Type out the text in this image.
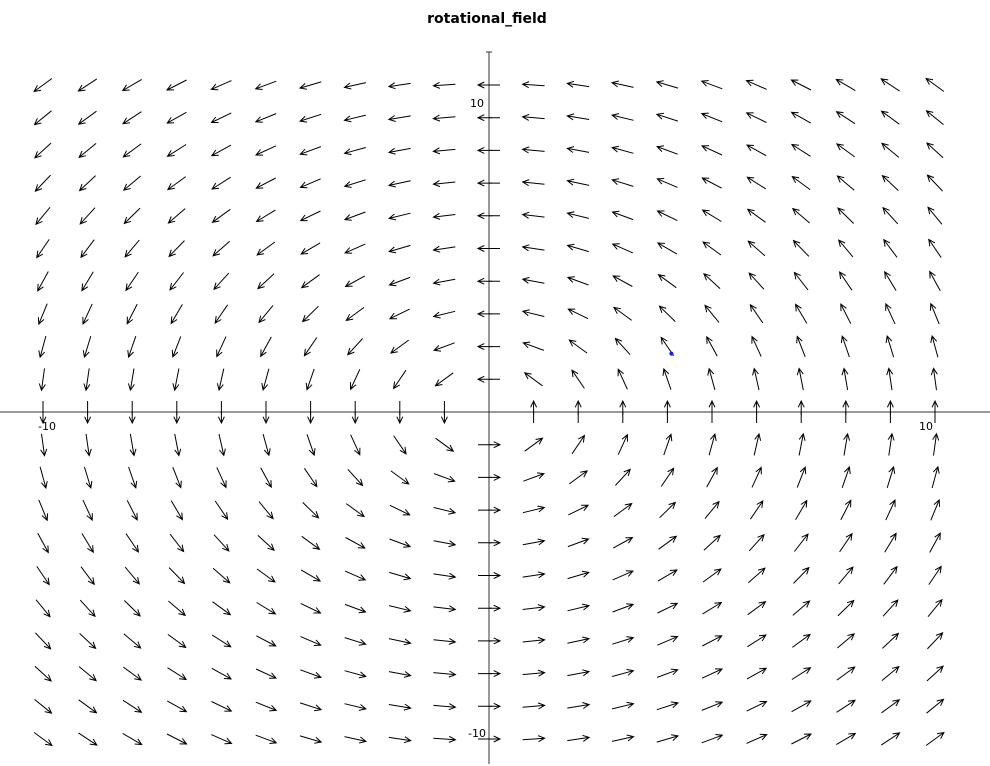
rotational_field
-10	10
10
-10
